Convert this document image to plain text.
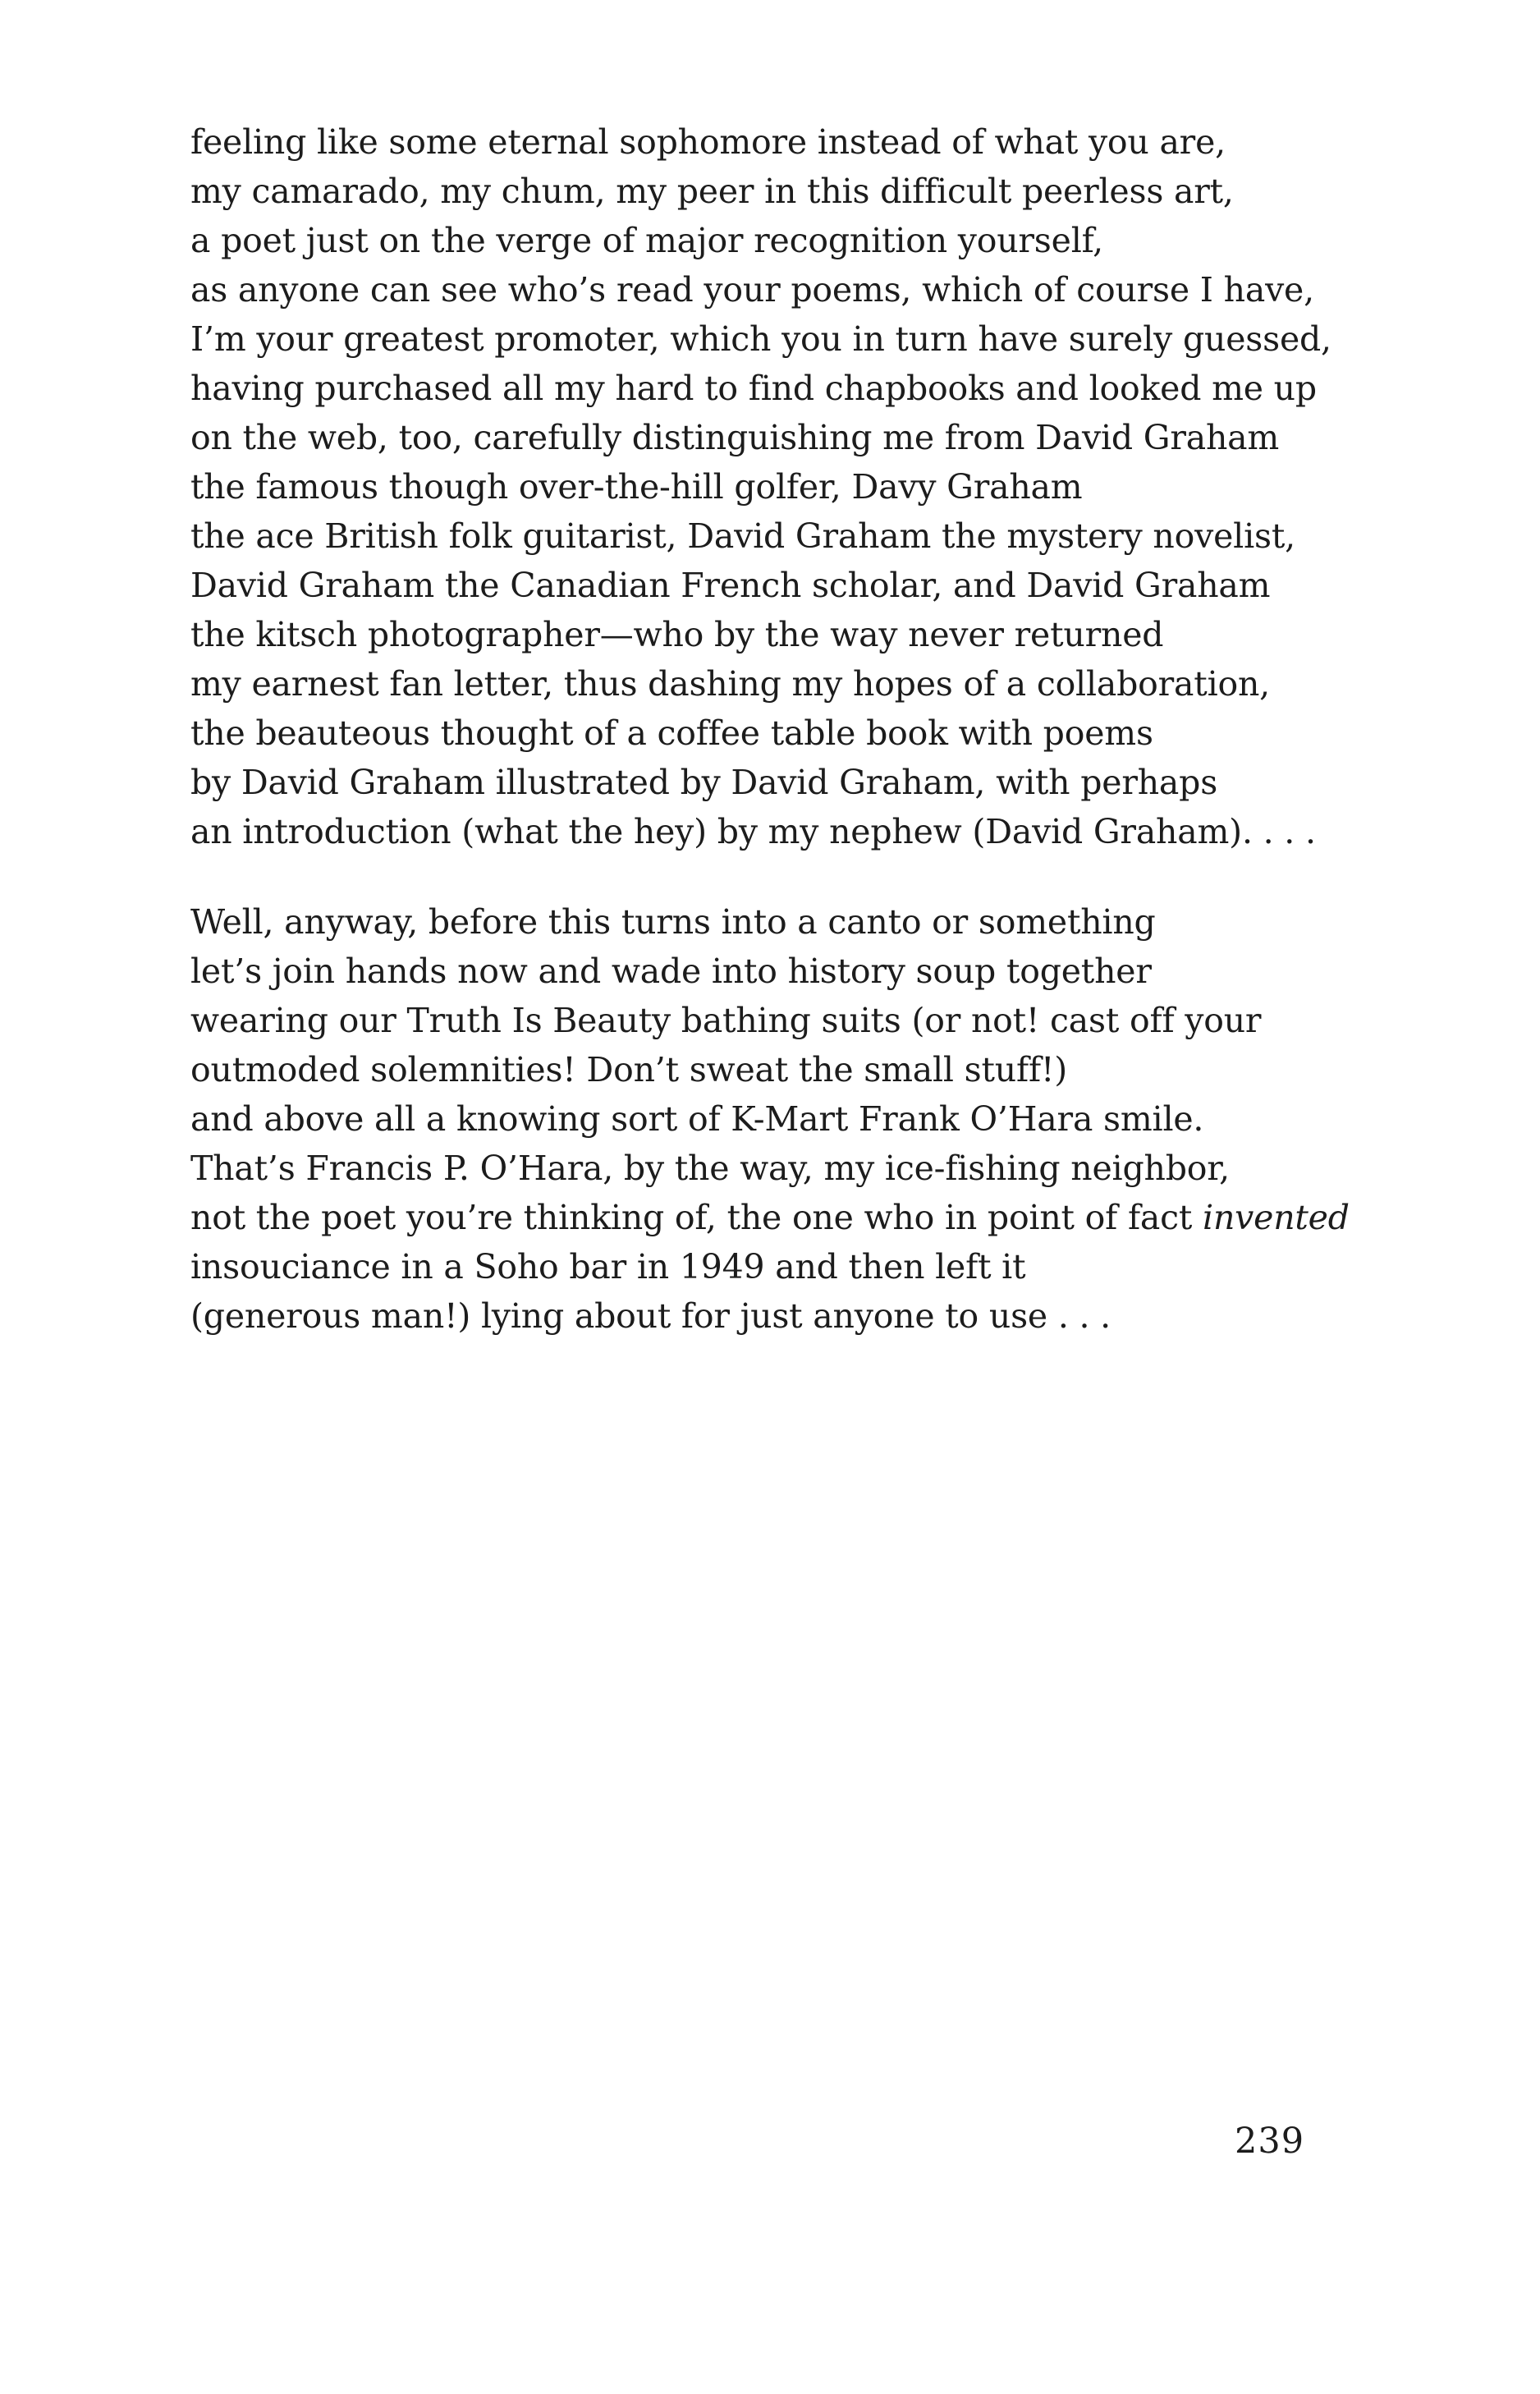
feeling like some eternal sophomore instead of what you are,
my camarado, my chum, my peer in this difficult peerless art,
a poet just on the verge of major recognition yourself,
as anyone can see who’s read your poems, which of course I have,
I’m your greatest promoter, which you in turn have surely guessed,
having purchased all my hard to find chapbooks and looked me up
on the web, too, carefully distinguishing me from David Graham
the famous though over-the-hill golfer, Davy Graham
the ace British folk guitarist, David Graham the mystery novelist,
David Graham the Canadian French scholar, and David Graham
the kitsch photographer—who by the way never returned
my earnest fan letter, thus dashing my hopes of a collaboration,
the beauteous thought of a coffee table book with poems
by David Graham illustrated by David Graham, with perhaps
an introduction (what the hey) by my nephew (David Graham). . . .
Well, anyway, before this turns into a canto or something
let’s join hands now and wade into history soup together
wearing our Truth Is Beauty bathing suits (or not! cast off your
outmoded solemnities! Don’t sweat the small stuff!)
and above all a knowing sort of K-Mart Frank O’Hara smile.
That’s Francis P. O’Hara, by the way, my ice-fishing neighbor,
not the poet you’re thinking of, the one who in point of fact invented
insouciance in a Soho bar in 1949 and then left it
(generous man!) lying about for just anyone to use . . .
239
